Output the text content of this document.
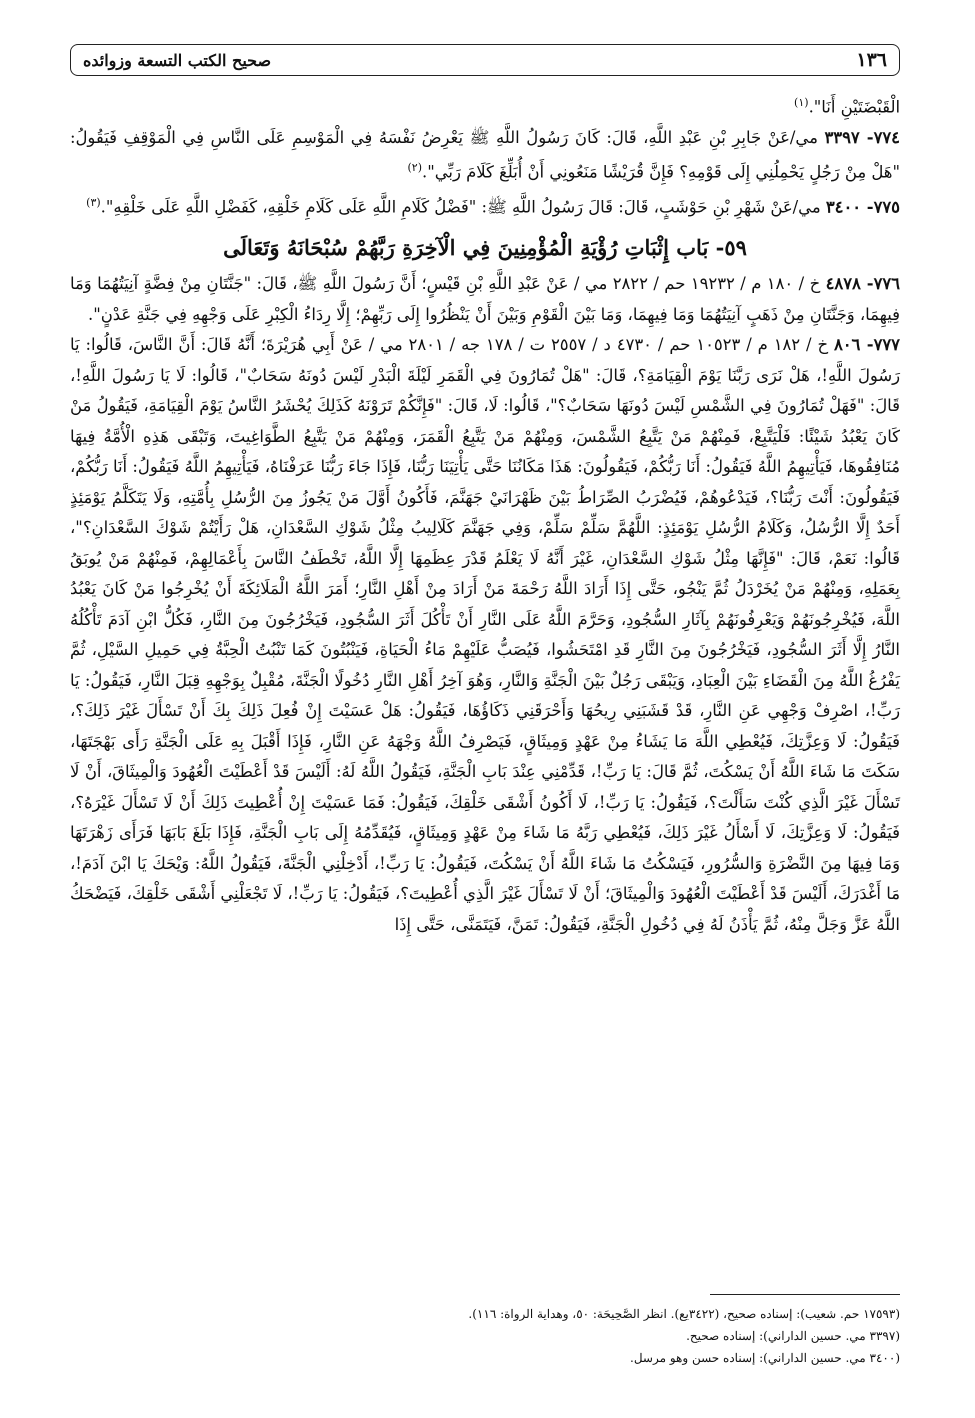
١٣٦
صحيح الكتب التسعة وزوائده

الْقَبْضَتَيْنِ أَنَا".$^{(١)}$

٧٧٤- ٣٣٩٧ مي/عَنْ جَابِرِ بْنِ عَبْدِ اللَّهِ، قَالَ: كَانَ رَسُولُ اللَّهِ ﷺ يَعْرِضُ نَفْسَهُ فِي الْمَوْسِمِ عَلَى النَّاسِ فِي الْمَوْقِفِ فَيَقُولُ: "هَلْ مِنْ رَجُلٍ يَحْمِلُنِي إِلَى قَوْمِهِ؟ فَإِنَّ قُرَيْشًا مَنَعُونِي أَنْ أُبَلِّغَ كَلَامَ رَبِّي".$^{(٢)}$

٧٧٥- ٣٤٠٠ مي/عَنْ شَهْرِ بْنِ حَوْشَبٍ، قَالَ: قَالَ رَسُولُ اللَّهِ ﷺ: "فَضْلُ كَلَامِ اللَّهِ عَلَى كَلَامِ خَلْقِهِ، كَفَضْلِ اللَّهِ عَلَى خَلْقِهِ".$^{(٣)}$

٥٩- بَاب إِثْبَاتِ رُؤْيَةِ الْمُؤْمِنِينَ فِي الْآخِرَةِ رَبَّهُمْ سُبْحَانَهُ وَتَعَالَى

٧٧٦- ٤٨٧٨ خ / ١٨٠ م / ١٩٢٣٢ حم / ٢٨٢٢ مي / عَنْ عَبْدِ اللَّهِ بْنِ قَيْسٍ؛ أَنَّ رَسُولَ اللَّهِ ﷺ، قَالَ: "جَنَّتَانِ مِنْ فِضَّةٍ آنِيَتُهُمَا وَمَا فِيهِمَا، وَجَنَّتَانِ مِنْ ذَهَبٍ آنِيَتُهُمَا وَمَا فِيهِمَا، وَمَا بَيْنَ الْقَوْمِ وَبَيْنَ أَنْ يَنْظُرُوا إِلَى رَبِّهِمْ؛ إِلَّا رِدَاءُ الْكِبْرِ عَلَى وَجْهِهِ فِي جَنَّةِ عَدْنٍ".

٧٧٧- ٨٠٦ خ / ١٨٢ م / ١٠٥٢٣ حم / ٤٧٣٠ د / ٢٥٥٧ ت / ١٧٨ جه / ٢٨٠١ مي / عَنْ أَبِي هُرَيْرَةَ؛ أَنَّهُ قَالَ: أَنَّ النَّاسَ، قَالُوا: يَا رَسُولَ اللَّهِ!، هَلْ نَرَى رَبَّنَا يَوْمَ الْقِيَامَةِ؟، قَالَ: "هَلْ تُمَارُونَ فِي الْقَمَرِ لَيْلَةَ الْبَدْرِ لَيْسَ دُونَهُ سَحَابٌ"، قَالُوا: لَا يَا رَسُولَ اللَّهِ!، قَالَ: "فَهَلْ تُمَارُونَ فِي الشَّمْسِ لَيْسَ دُونَهَا سَحَابٌ؟"، قَالُوا: لَا، قَالَ: "فَإِنَّكُمْ تَرَوْنَهُ كَذَلِكَ يُحْشَرُ النَّاسُ يَوْمَ الْقِيَامَةِ، فَيَقُولُ مَنْ كَانَ يَعْبُدُ شَيْئًا: فَلْيَتَّبِعْ، فَمِنْهُمْ مَنْ يَتَّبِعُ الشَّمْسَ، وَمِنْهُمْ مَنْ يَتَّبِعُ الْقَمَرَ، وَمِنْهُمْ مَنْ يَتَّبِعُ الطَّوَاغِيتَ، وَتَبْقَى هَذِهِ الْأُمَّةُ فِيهَا مُنَافِقُوهَا، فَيَأْتِيهِمُ اللَّهُ فَيَقُولُ: أَنَا رَبُّكُمْ، فَيَقُولُونَ: هَذَا مَكَانُنَا حَتَّى يَأْتِيَنَا رَبُّنَا، فَإِذَا جَاءَ رَبُّنَا عَرَفْنَاهُ، فَيَأْتِيهِمُ اللَّهُ فَيَقُولُ: أَنَا رَبُّكُمْ، فَيَقُولُونَ: أَنْتَ رَبُّنَا؟، فَيَدْعُوهُمْ، فَيُضْرَبُ الصِّرَاطُ بَيْنَ ظَهْرَانَيْ جَهَنَّمَ، فَأَكُونُ أَوَّلَ مَنْ يَجُوزُ مِنَ الرُّسُلِ بِأُمَّتِهِ، وَلَا يَتَكَلَّمُ يَوْمَئِذٍ أَحَدٌ إِلَّا الرُّسُلُ، وَكَلَامُ الرُّسُلِ يَوْمَئِذٍ: اللَّهُمَّ سَلِّمْ سَلِّمْ، وَفِي جَهَنَّمَ كَلَالِيبُ مِثْلُ شَوْكِ السَّعْدَانِ، هَلْ رَأَيْتُمْ شَوْكَ السَّعْدَانِ؟"، قَالُوا: نَعَمْ، قَالَ: "فَإِنَّهَا مِثْلُ شَوْكِ السَّعْدَانِ، غَيْرَ أَنَّهُ لَا يَعْلَمُ قَدْرَ عِظَمِهَا إِلَّا اللَّهُ، تَخْطَفُ النَّاسَ بِأَعْمَالِهِمْ، فَمِنْهُمْ مَنْ يُوبَقُ بِعَمَلِهِ، وَمِنْهُمْ مَنْ يُخَرْدَلُ ثُمَّ يَنْجُو، حَتَّى إِذَا أَرَادَ اللَّهُ رَحْمَةَ مَنْ أَرَادَ مِنْ أَهْلِ النَّارِ؛ أَمَرَ اللَّهُ الْمَلَائِكَةَ أَنْ يُخْرِجُوا مَنْ كَانَ يَعْبُدُ اللَّهَ، فَيُخْرِجُونَهُمْ وَيَعْرِفُونَهُمْ بِآثَارِ السُّجُودِ، وَحَرَّمَ اللَّهُ عَلَى النَّارِ أَنْ تَأْكُلَ أَثَرَ السُّجُودِ، فَيَخْرُجُونَ مِنَ النَّارِ، فَكُلُّ ابْنِ آدَمَ تَأْكُلُهُ النَّارُ إِلَّا أَثَرَ السُّجُودِ، فَيَخْرُجُونَ مِنَ النَّارِ قَدِ امْتَحَشُوا، فَيُصَبُّ عَلَيْهِمْ مَاءُ الْحَيَاةِ، فَيَنْبُتُونَ كَمَا تَنْبُتُ الْحِبَّةُ فِي حَمِيلِ السَّيْلِ، ثُمَّ يَفْرُغُ اللَّهُ مِنَ الْقَضَاءِ بَيْنَ الْعِبَادِ، وَيَبْقَى رَجُلٌ بَيْنَ الْجَنَّةِ وَالنَّارِ، وَهُوَ آخِرُ أَهْلِ النَّارِ دُخُولًا الْجَنَّةَ، مُقْبِلٌ بِوَجْهِهِ قِبَلَ النَّارِ، فَيَقُولُ: يَا رَبِّ!، اصْرِفْ وَجْهِي عَنِ النَّارِ، قَدْ قَشَبَنِي رِيحُهَا وَأَحْرَقَنِي ذَكَاؤُهَا، فَيَقُولُ: هَلْ عَسَيْتَ إِنْ فُعِلَ ذَلِكَ بِكَ أَنْ تَسْأَلَ غَيْرَ ذَلِكَ؟، فَيَقُولُ: لَا وَعِزَّتِكَ، فَيُعْطِي اللَّهَ مَا يَشَاءُ مِنْ عَهْدٍ وَمِيثَاقٍ، فَيَصْرِفُ اللَّهُ وَجْهَهُ عَنِ النَّارِ، فَإِذَا أَقْبَلَ بِهِ عَلَى الْجَنَّةِ رَأَى بَهْجَتَهَا، سَكَتَ مَا شَاءَ اللَّهُ أَنْ يَسْكُتَ، ثُمَّ قَالَ: يَا رَبِّ!، قَدِّمْنِي عِنْدَ بَابِ الْجَنَّةِ، فَيَقُولُ اللَّهُ لَهُ: أَلَيْسَ قَدْ أَعْطَيْتَ الْعُهُودَ وَالْمِيثَاقَ، أَنْ لَا تَسْأَلَ غَيْرَ الَّذِي كُنْتَ سَأَلْتَ؟، فَيَقُولُ: يَا رَبِّ!، لَا أَكُونُ أَشْقَى خَلْقِكَ، فَيَقُولُ: فَمَا عَسَيْتَ إِنْ أُعْطِيتَ ذَلِكَ أَنْ لَا تَسْأَلَ غَيْرَهُ؟، فَيَقُولُ: لَا وَعِزَّتِكَ، لَا أَسْأَلُ غَيْرَ ذَلِكَ، فَيُعْطِي رَبَّهُ مَا شَاءَ مِنْ عَهْدٍ وَمِيثَاقٍ، فَيُقَدِّمُهُ إِلَى بَابِ الْجَنَّةِ، فَإِذَا بَلَغَ بَابَهَا فَرَأَى زَهْرَتَهَا وَمَا فِيهَا مِنَ النَّضْرَةِ وَالسُّرُورِ، فَيَسْكُتُ مَا شَاءَ اللَّهُ أَنْ يَسْكُتَ، فَيَقُولُ: يَا رَبِّ!، أَدْخِلْنِي الْجَنَّةَ، فَيَقُولُ اللَّهُ: وَيْحَكَ يَا ابْنَ آدَمَ!، مَا أَغْدَرَكَ، أَلَيْسَ قَدْ أَعْطَيْتَ الْعُهُودَ وَالْمِيثَاقَ؛ أَنْ لَا تَسْأَلَ غَيْرَ الَّذِي أُعْطِيتَ؟، فَيَقُولُ: يَا رَبِّ!، لَا تَجْعَلْنِي أَشْقَى خَلْقِكَ، فَيَضْحَكُ اللَّهُ عَزَّ وَجَلَّ مِنْهُ، ثُمَّ يَأْذَنُ لَهُ فِي دُخُولِ الْجَنَّةِ، فَيَقُولُ: تَمَنَّ، فَيَتَمَنَّى، حَتَّى إِذَا

(١٧٥٩٣ حم. شعيب): إسناده صحيح، (٣٤٢٢يع). انظر الصَّحِيحَة: ٥٠، وهداية الرواة: ١١٦).

(٣٣٩٧ مي. حسين الداراني): إسناده صحيح.

(٣٤٠٠ مي. حسين الداراني): إسناده حسن وهو مرسل.
